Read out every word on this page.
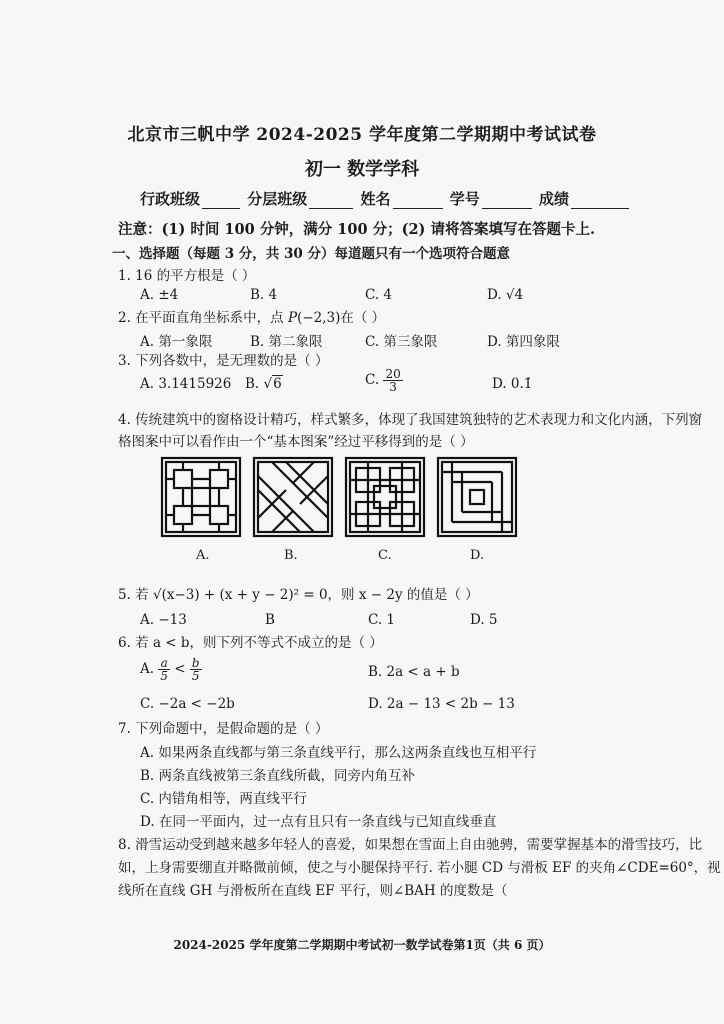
北京市三帆中学 2024-2025 学年度第二学期期中考试试卷
初一 数学学科
行政班级	分层班级	姓名	学号	成绩
注意：(1) 时间 100 分钟，满分 100 分；(2) 请将答案填写在答题卡上.
一、选择题（每题 3 分，共 30 分）每道题只有一个选项符合题意
1. 16 的平方根是（ ）
A. ±4	B. 4	C. 4	D. √4
2. 在平面直角坐标系中，点 P(−2,3)在（ ）
A. 第一象限	B. 第二象限	C. 第三象限	D. 第四象限
3. 下列各数中，是无理数的是（ ）
A. 3.1415926 B. √6	C. $\frac{20}{3}$	D. 0.1̇
4. 传统建筑中的窗格设计精巧，样式繁多，体现了我国建筑独特的艺术表现力和文化内涵，下列窗
格图案中可以看作由一个“基本图案”经过平移得到的是（ ）
A.	B.	C.	D.
5. 若 √(x−3) + (x + y − 2)² = 0，则 x − 2y 的值是（ ）
A. −13	B	C. 1	D. 5
6. 若 a < b，则下列不等式不成立的是（ ）
A. $\frac{a}{5} < \frac{b}{5}$	B. 2a < a + b
C. −2a < −2b	D. 2a − 13 < 2b − 13
7. 下列命题中，是假命题的是（ ）
A. 如果两条直线都与第三条直线平行，那么这两条直线也互相平行
B. 两条直线被第三条直线所截，同旁内角互补
C. 内错角相等，两直线平行
D. 在同一平面内，过一点有且只有一条直线与已知直线垂直
8. 滑雪运动受到越来越多年轻人的喜爱，如果想在雪面上自由驰骋，需要掌握基本的滑雪技巧，比
如，上身需要绷直并略微前倾，使之与小腿保持平行. 若小腿 CD 与滑板 EF 的夹角∠CDE=60°，视
线所在直线 GH 与滑板所在直线 EF 平行，则∠BAH 的度数是（
2024-2025 学年度第二学期期中考试初一数学试卷第1页（共 6 页）
